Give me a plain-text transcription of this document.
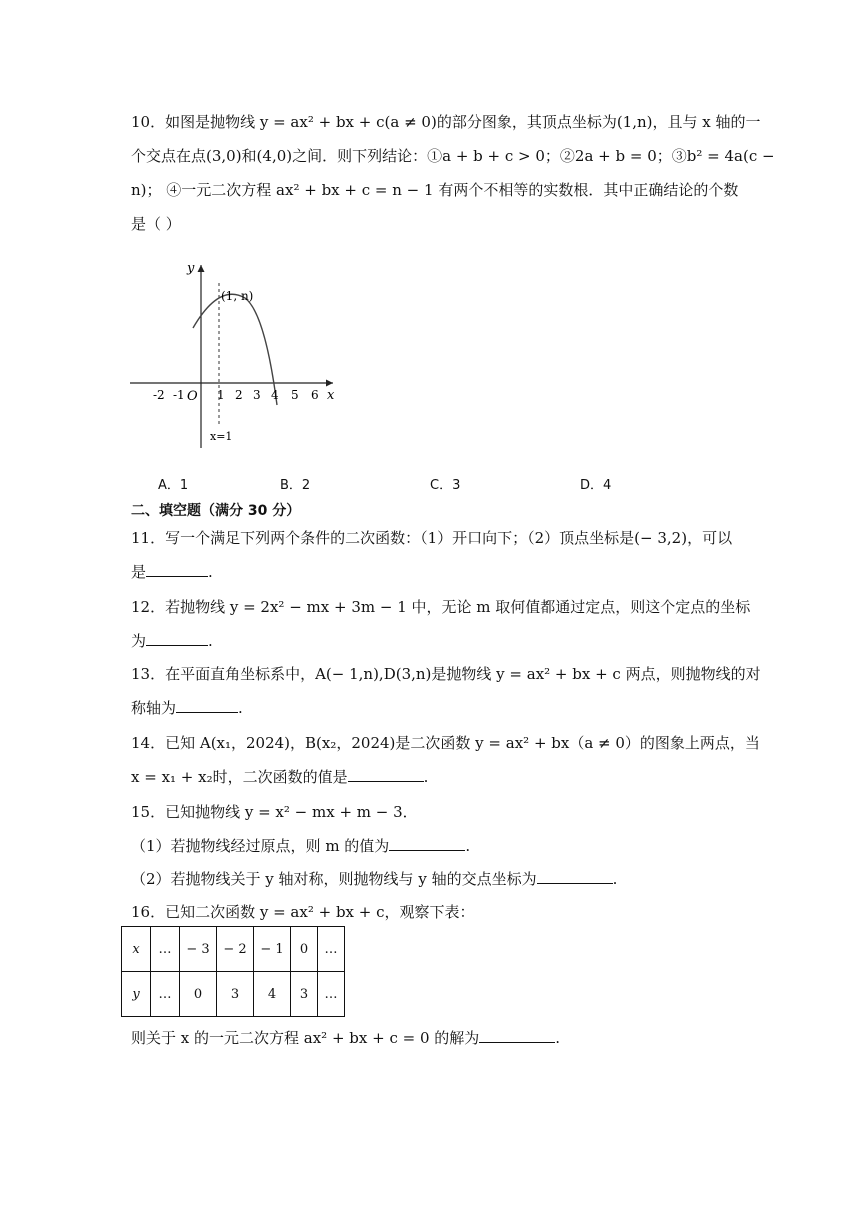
10．如图是抛物线 y = ax² + bx + c(a ≠ 0)的部分图象，其顶点坐标为(1,n)，且与 x 轴的一
个交点在点(3,0)和(4,0)之间．则下列结论：①a + b + c > 0；②2a + b = 0；③b² = 4a(c −
n)； ④一元二次方程 ax² + bx + c = n − 1 有两个不相等的实数根．其中正确结论的个数
是（ ）
y
x
O
(1, n)
x=1
-2 -1	1 2 3 4 5 6
A．1	B．2	C．3	D．4
二、填空题（满分 30 分）
11．写一个满足下列两个条件的二次函数：（1）开口向下；（2）顶点坐标是(− 3,2)，可以
是	.
12．若抛物线 y = 2x² − mx + 3m − 1 中，无论 m 取何值都通过定点，则这个定点的坐标
为	.
13．在平面直角坐标系中，A(− 1,n),D(3,n)是抛物线 y = ax² + bx + c 两点，则抛物线的对
称轴为	.
14．已知 A(x₁，2024)，B(x₂，2024)是二次函数 y = ax² + bx（a ≠ 0）的图象上两点，当
x = x₁ + x₂时，二次函数的值是	.
15．已知抛物线 y = x² − mx + m − 3．
（1）若抛物线经过原点，则 m 的值为	.
（2）若抛物线关于 y 轴对称，则抛物线与 y 轴的交点坐标为	.
16．已知二次函数 y = ax² + bx + c，观察下表：
x	…	− 3	− 2	− 1	0	…
y	…	0	3	4	3	…
则关于 x 的一元二次方程 ax² + bx + c = 0 的解为	.
